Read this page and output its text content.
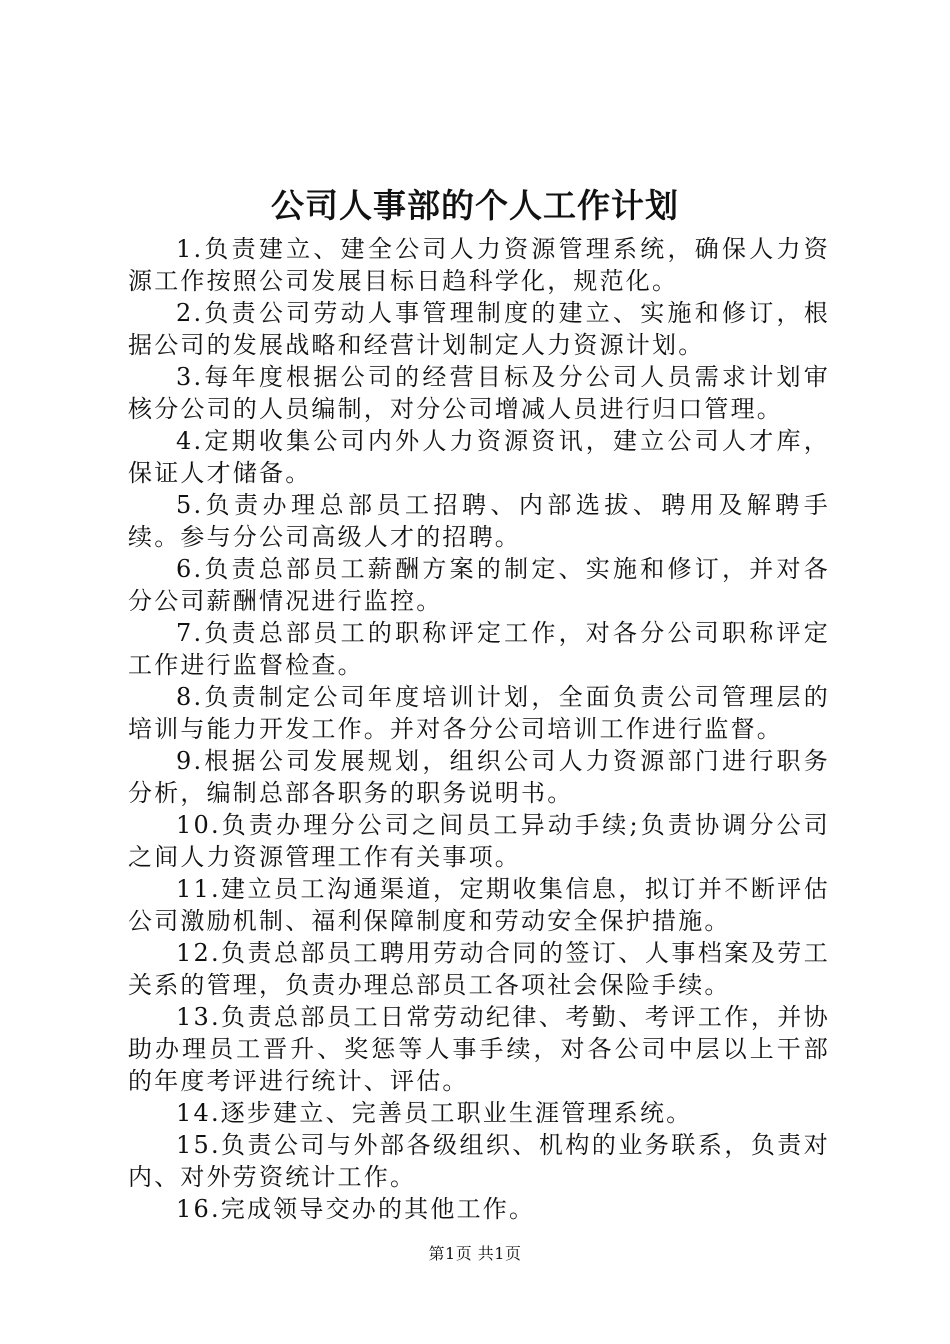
公司人事部的个人工作计划

1.负责建立、建全公司人力资源管理系统，确保人力资源工作按照公司发展目标日趋科学化，规范化。

2.负责公司劳动人事管理制度的建立、实施和修订，根据公司的发展战略和经营计划制定人力资源计划。

3.每年度根据公司的经营目标及分公司人员需求计划审核分公司的人员编制，对分公司增减人员进行归口管理。

4.定期收集公司内外人力资源资讯，建立公司人才库，保证人才储备。

5.负责办理总部员工招聘、内部选拔、聘用及解聘手续。参与分公司高级人才的招聘。

6.负责总部员工薪酬方案的制定、实施和修订，并对各分公司薪酬情况进行监控。

7.负责总部员工的职称评定工作，对各分公司职称评定工作进行监督检查。

8.负责制定公司年度培训计划，全面负责公司管理层的培训与能力开发工作。并对各分公司培训工作进行监督。

9.根据公司发展规划，组织公司人力资源部门进行职务分析，编制总部各职务的职务说明书。

10.负责办理分公司之间员工异动手续;负责协调分公司之间人力资源管理工作有关事项。

11.建立员工沟通渠道，定期收集信息，拟订并不断评估公司激励机制、福利保障制度和劳动安全保护措施。

12.负责总部员工聘用劳动合同的签订、人事档案及劳工关系的管理，负责办理总部员工各项社会保险手续。

13.负责总部员工日常劳动纪律、考勤、考评工作，并协助办理员工晋升、奖惩等人事手续，对各公司中层以上干部的年度考评进行统计、评估。

14.逐步建立、完善员工职业生涯管理系统。

15.负责公司与外部各级组织、机构的业务联系，负责对内、对外劳资统计工作。

16.完成领导交办的其他工作。

第1页 共1页
